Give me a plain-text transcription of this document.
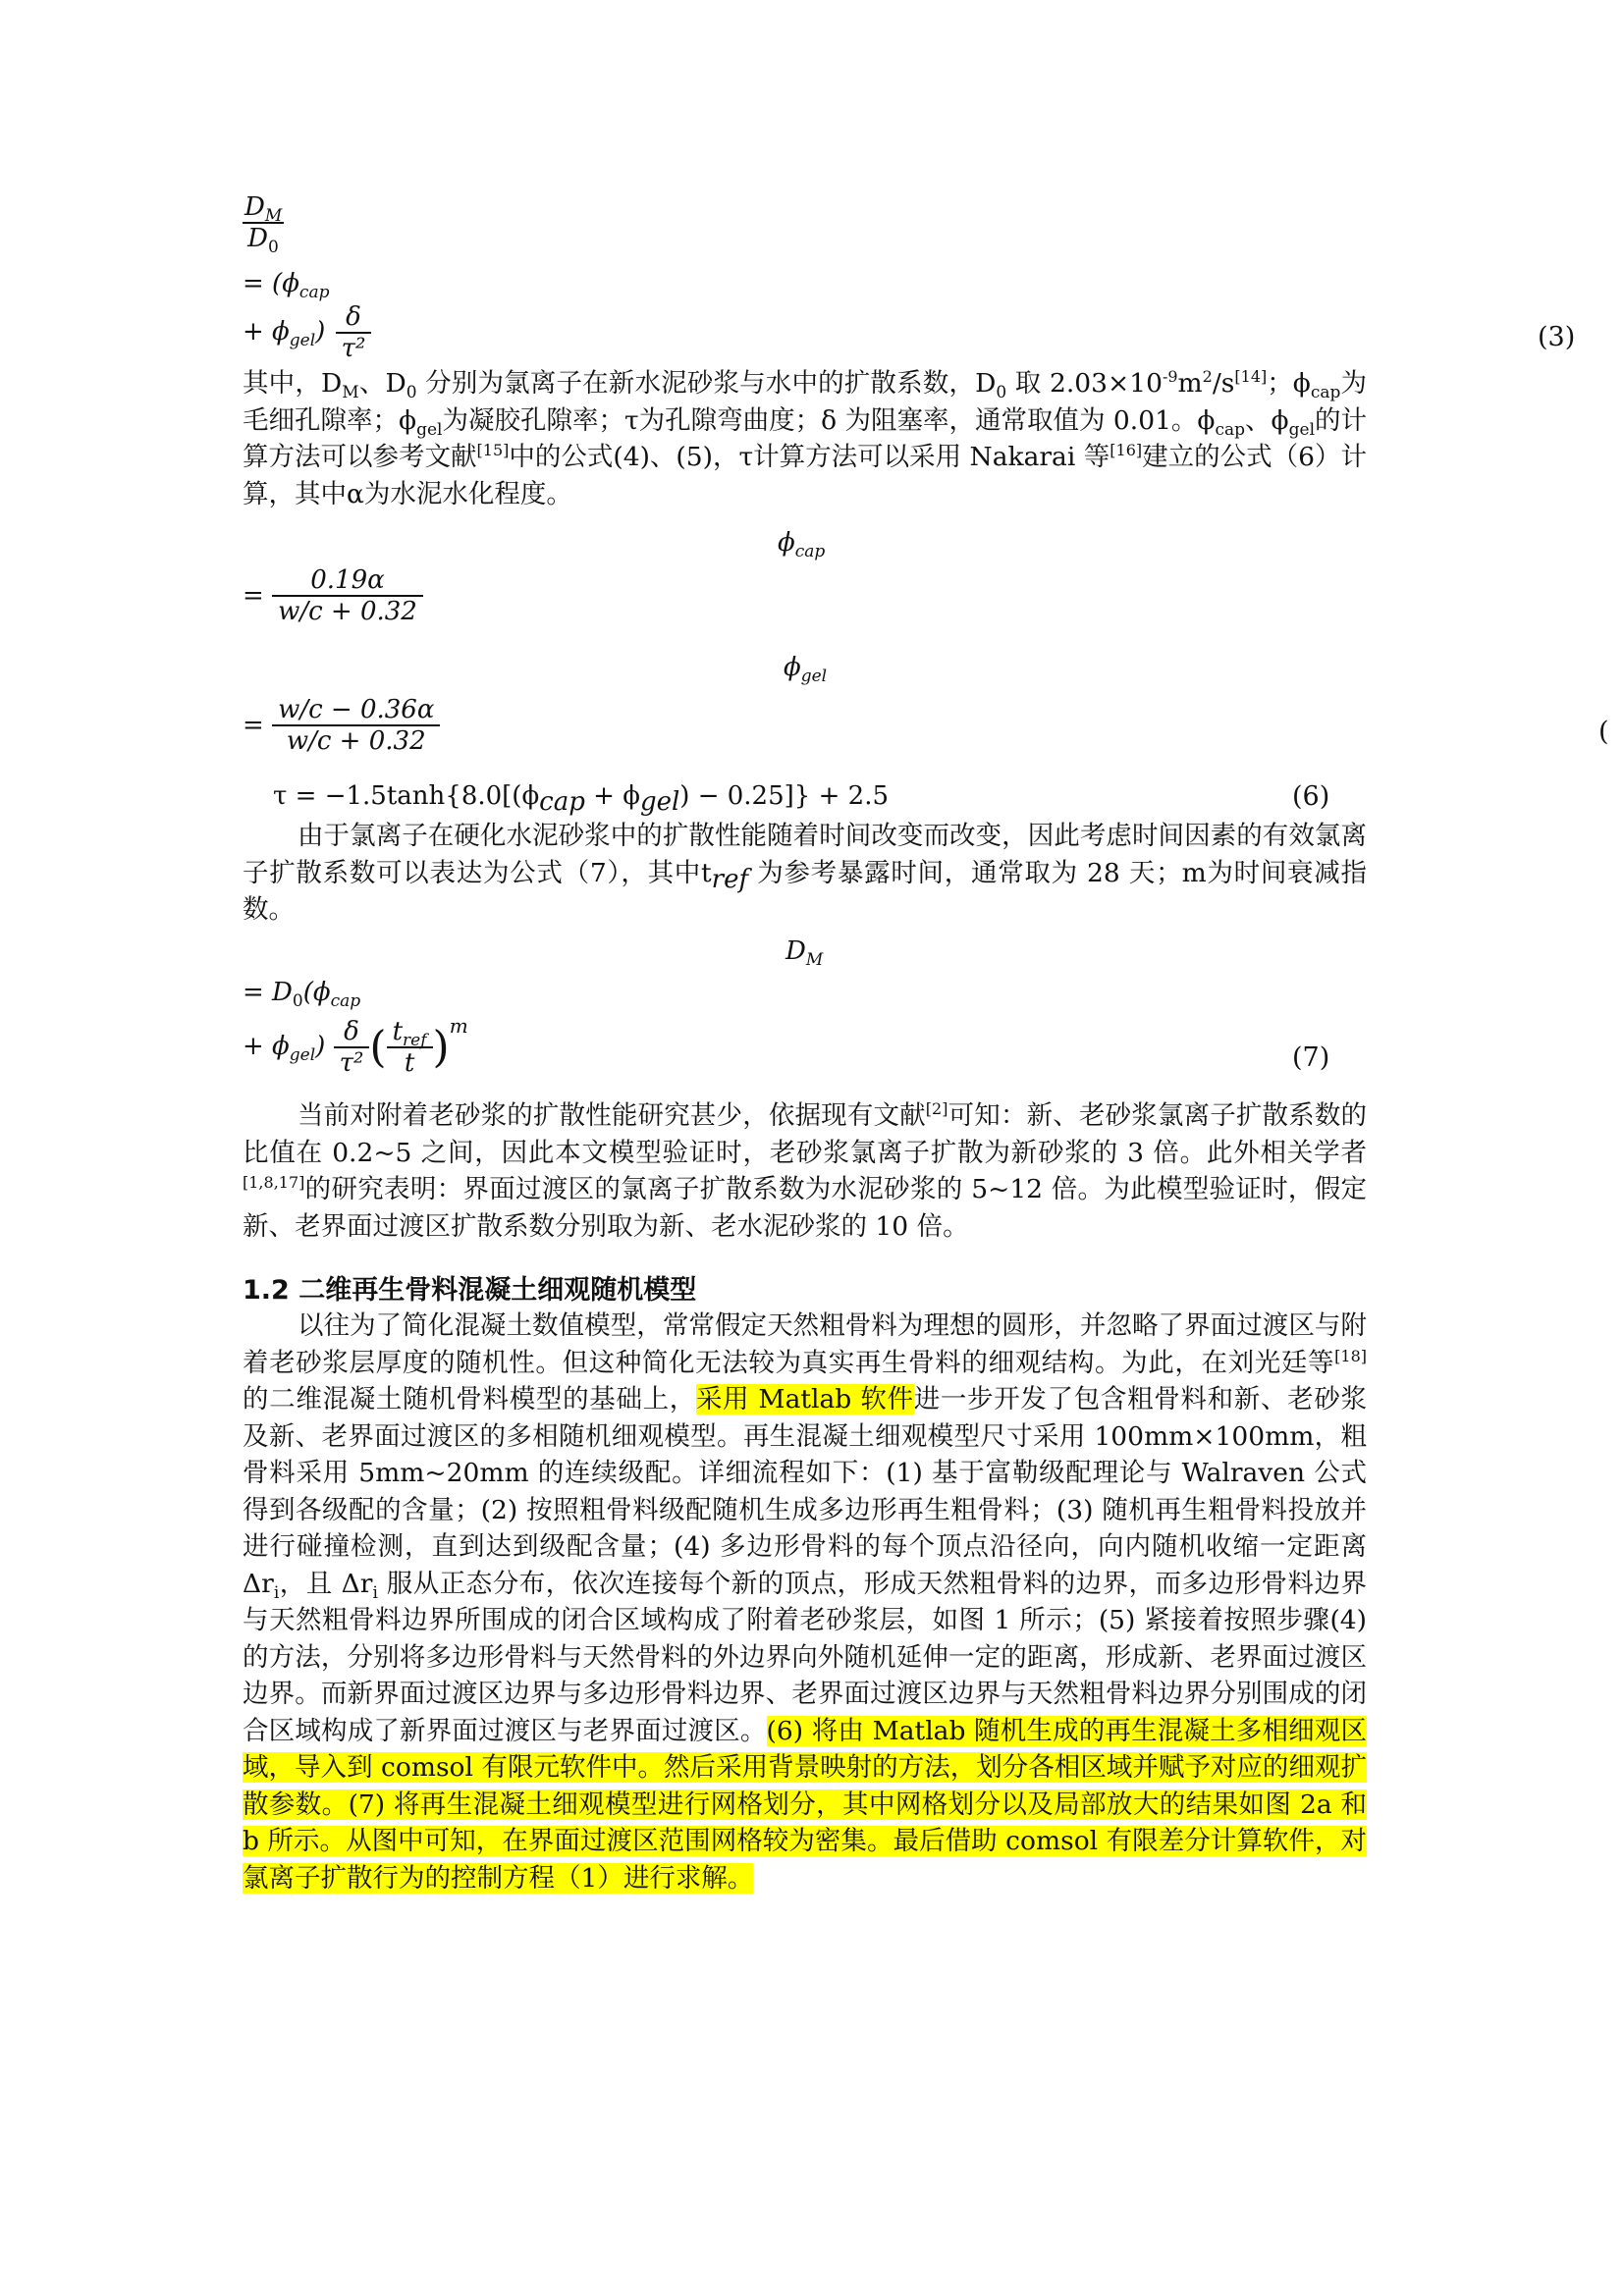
$\frac{D_M}{D_0}$
= ($\phi_{cap}$
+ $\phi_{gel}) \frac{\delta}{\text{τ²}}$	(3)
其中，$D_M$、$D_0$ 分别为氯离子在新水泥砂浆与水中的扩散系数，$D_0$ 取 $2.03\times 10^{-9}m^2/s[14]$；$\phi_{cap}$为毛细孔隙率；$\phi_{gel}$为凝胶孔隙率；τ为孔隙弯曲度；δ 为阻塞率，通常取值为 0.01。$\phi_{cap}$、$\phi_{gel}$的计算方法可以参考文献[15]中的公式(4)、(5)，τ计算方法可以采用 Nakarai 等[16]建立的公式（6）计算，其中α为水泥水化程度。
$\phi_{cap}$
= $\frac{0.19\alpha}{w/c + 0.32}$
$\phi_{gel}$
= $\frac{w/c - 0.36\alpha}{w/c + 0.32}$	(
$\tau = -1.5\tanh\{8.0[(\phi_{cap} + \phi_{gel}) - 0.25]\} + 2.5$	(6)
由于氯离子在硬化水泥砂浆中的扩散性能随着时间改变而改变，因此考虑时间因素的有效氯离子扩散系数可以表达为公式（7），其中$t_{ref}$ 为参考暴露时间，通常取为 28 天；m为时间衰减指数。
$D_M$
= $D_0(\phi_{cap}$
+ $\phi_{gel}) \frac{\delta}{\text{τ²}}$ ( $\frac{t_{ref}}{t} )^m$
(7)
当前对附着老砂浆的扩散性能研究甚少，依据现有文献[2]可知：新、老砂浆氯离子扩散系数的比值在 0.2~5 之间，因此本文模型验证时，老砂浆氯离子扩散为新砂浆的 3 倍。此外相关学者[1,8,17]的研究表明：界面过渡区的氯离子扩散系数为水泥砂浆的 5~12 倍。为此模型验证时，假定新、老界面过渡区扩散系数分别取为新、老水泥砂浆的 10 倍。
1.2 二维再生骨料混凝土细观随机模型
以往为了简化混凝土数值模型，常常假定天然粗骨料为理想的圆形，并忽略了界面过渡区与附着老砂浆层厚度的随机性。但这种简化无法较为真实再生骨料的细观结构。为此，在刘光廷等[18]的二维混凝土随机骨料模型的基础上，采用 Matlab 软件进一步开发了包含粗骨料和新、老砂浆及新、老界面过渡区的多相随机细观模型。再生混凝土细观模型尺寸采用 100mm×100mm，粗骨料采用 5mm~20mm 的连续级配。详细流程如下：(1) 基于富勒级配理论与 Walraven 公式得到各级配的含量；(2) 按照粗骨料级配随机生成多边形再生粗骨料；(3) 随机再生粗骨料投放并进行碰撞检测，直到达到级配含量；(4) 多边形骨料的每个顶点沿径向，向内随机收缩一定距离 $\Delta r_i$，且 $\Delta r_i$ 服从正态分布，依次连接每个新的顶点，形成天然粗骨料的边界，而多边形骨料边界与天然粗骨料边界所围成的闭合区域构成了附着老砂浆层，如图 1 所示；(5) 紧接着按照步骤(4)的方法，分别将多边形骨料与天然骨料的外边界向外随机延伸一定的距离，形成新、老界面过渡区边界。而新界面过渡区边界与多边形骨料边界、老界面过渡区边界与天然粗骨料边界分别围成的闭合区域构成了新界面过渡区与老界面过渡区。(6) 将由 Matlab 随机生成的再生混凝土多相细观区域，导入到 comsol 有限元软件中。然后采用背景映射的方法，划分各相区域并赋予对应的细观扩散参数。(7) 将再生混凝土细观模型进行网格划分，其中网格划分以及局部放大的结果如图 2a 和 b 所示。从图中可知，在界面过渡区范围网格较为密集。最后借助 comsol 有限差分计算软件，对氯离子扩散行为的控制方程（1）进行求解。
